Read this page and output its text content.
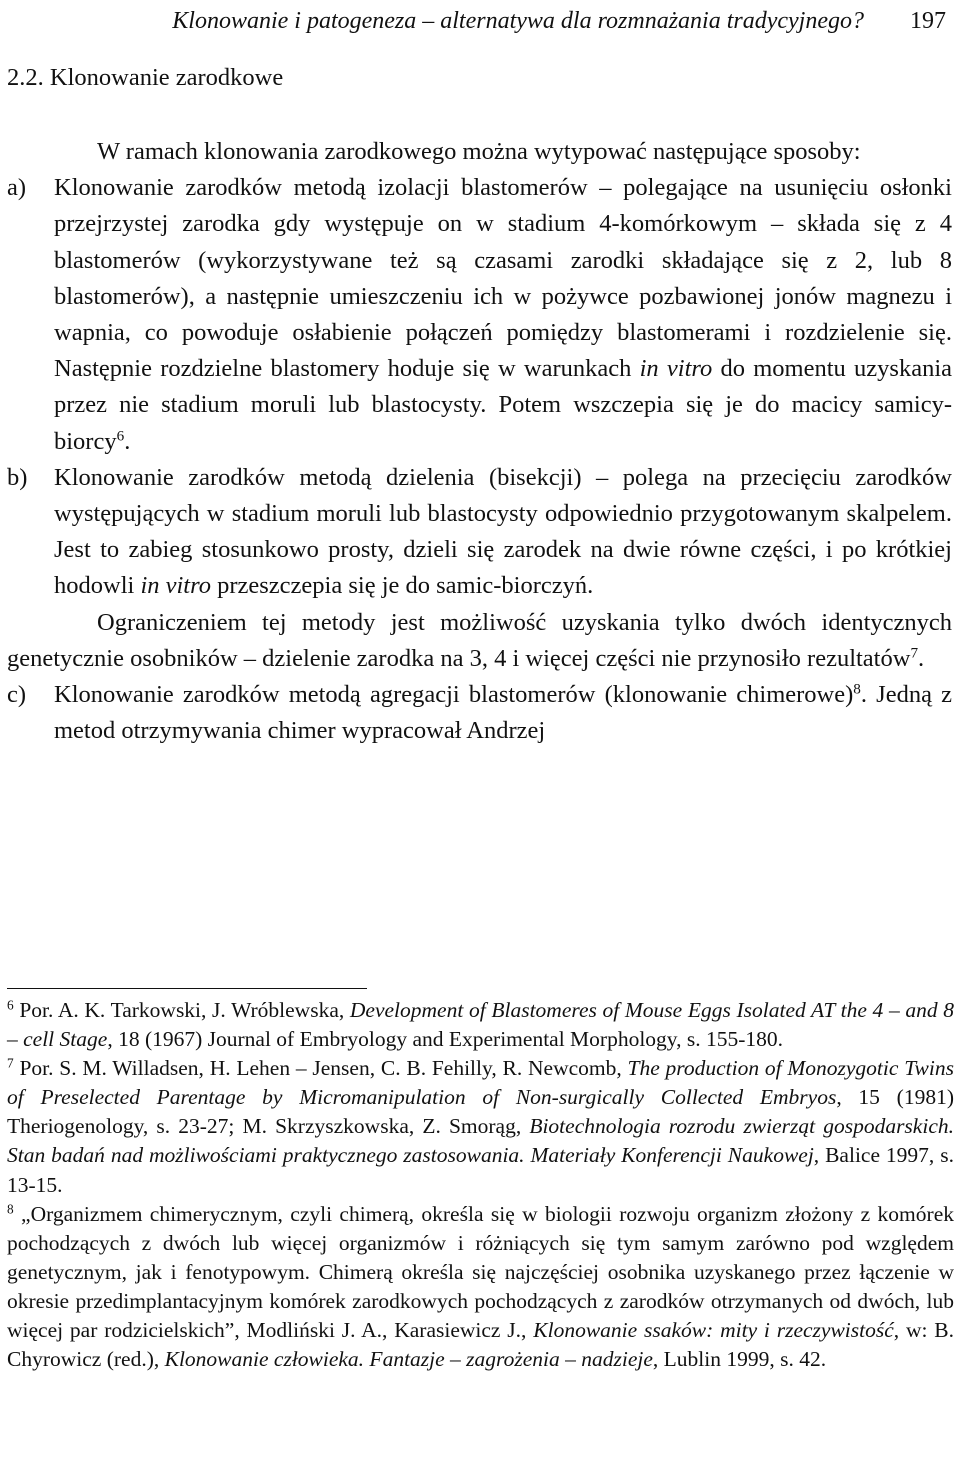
Klonowanie i patogeneza – alternatywa dla rozmnażania tradycyjnego? 197
2.2. Klonowanie zarodkowe

W ramach klonowania zarodkowego można wytypować następujące sposoby:

a) Klonowanie zarodków metodą izolacji blastomerów – polegające na usunięciu osłonki przejrzystej zarodka gdy występuje on w stadium 4-komórkowym – składa się z 4 blastomerów (wykorzystywane też są czasami zarodki składające się z 2, lub 8 blastomerów), a następnie umieszczeniu ich w pożywce pozbawionej jonów magnezu i wapnia, co powoduje osłabienie połączeń pomiędzy blastomerami i rozdzielenie się. Następnie rozdzielne blastomery hoduje się w warunkach in vitro do momentu uzyskania przez nie stadium moruli lub blastocysty. Potem wszczepia się je do macicy samicy-biorcy$^6$.

b) Klonowanie zarodków metodą dzielenia (bisekcji) – polega na przecięciu zarodków występujących w stadium moruli lub blastocysty odpowiednio przygotowanym skalpelem. Jest to zabieg stosunkowo prosty, dzieli się zarodek na dwie równe części, i po krótkiej hodowli in vitro przeszczepia się je do samic-biorczyń.

Ograniczeniem tej metody jest możliwość uzyskania tylko dwóch identycznych genetycznie osobników – dzielenie zarodka na 3, 4 i więcej części nie przynosiło rezultatów$^7$.

c) Klonowanie zarodków metodą agregacji blastomerów (klonowanie chimerowe)$^8$. Jedną z metod otrzymywania chimer wypracował Andrzej

$^6$ Por. A. K. Tarkowski, J. Wróblewska, Development of Blastomeres of Mouse Eggs Isolated AT the 4 – and 8 – cell Stage, 18 (1967) Journal of Embryology and Experimental Morphology, s. 155-180.

$^7$ Por. S. M. Willadsen, H. Lehen – Jensen, C. B. Fehilly, R. Newcomb, The production of Monozygotic Twins of Preselected Parentage by Micromanipulation of Non-surgically Collected Embryos, 15 (1981) Theriogenology, s. 23-27; M. Skrzyszkowska, Z. Smorąg, Biotechnologia rozrodu zwierząt gospodarskich. Stan badań nad możliwościami praktycznego zastosowania. Materiały Konferencji Naukowej, Balice 1997, s. 13-15.

$^8$ „Organizmem chimerycznym, czyli chimerą, określa się w biologii rozwoju organizm złożony z komórek pochodzących z dwóch lub więcej organizmów i różniących się tym samym zarówno pod względem genetycznym, jak i fenotypowym. Chimerą określa się najczęściej osobnika uzyskanego przez łączenie w okresie przedimplantacyjnym komórek zarodkowych pochodzących z zarodków otrzymanych od dwóch, lub więcej par rodzicielskich”, Modliński J. A., Karasiewicz J., Klonowanie ssaków: mity i rzeczywistość, w: B. Chyrowicz (red.), Klonowanie człowieka. Fantazje – zagrożenia – nadzieje, Lublin 1999, s. 42.
